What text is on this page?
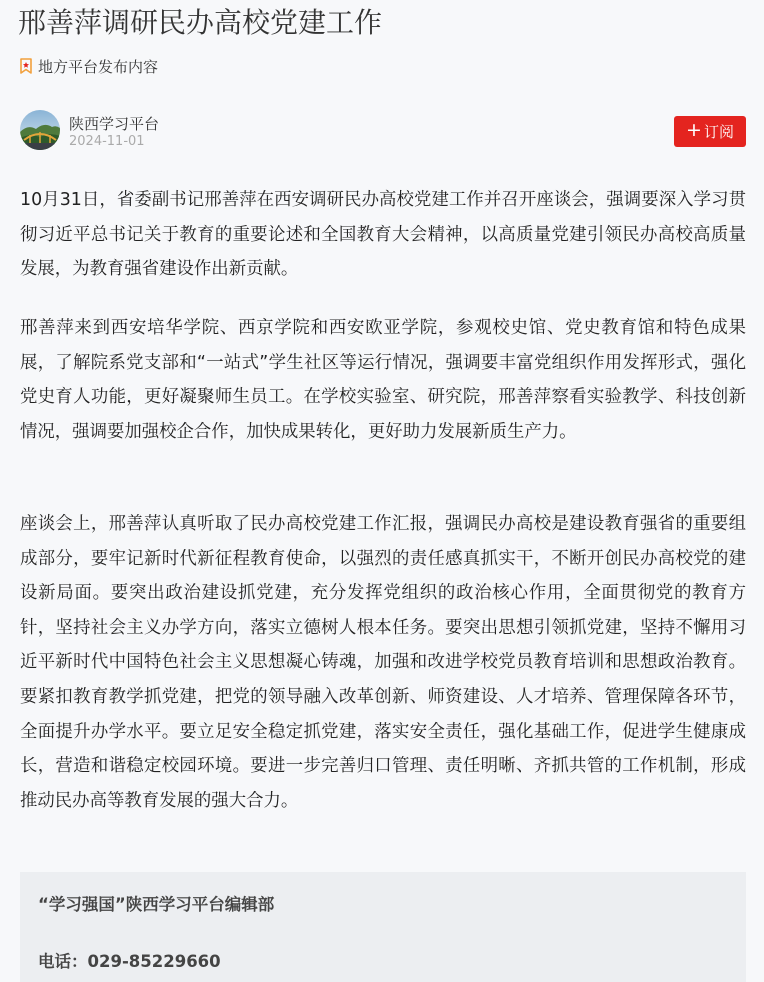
邢善萍调研民办高校党建工作
地方平台发布内容
陕西学习平台
2024-11-01
+ 订阅

10月31日，省委副书记邢善萍在西安调研民办高校党建工作并召开座谈会，强调要深入学习贯彻习近平总书记关于教育的重要论述和全国教育大会精神，以高质量党建引领民办高校高质量发展，为教育强省建设作出新贡献。

邢善萍来到西安培华学院、西京学院和西安欧亚学院，参观校史馆、党史教育馆和特色成果展，了解院系党支部和“一站式”学生社区等运行情况，强调要丰富党组织作用发挥形式，强化党史育人功能，更好凝聚师生员工。在学校实验室、研究院，邢善萍察看实验教学、科技创新情况，强调要加强校企合作，加快成果转化，更好助力发展新质生产力。

座谈会上，邢善萍认真听取了民办高校党建工作汇报，强调民办高校是建设教育强省的重要组成部分，要牢记新时代新征程教育使命，以强烈的责任感真抓实干，不断开创民办高校党的建设新局面。要突出政治建设抓党建，充分发挥党组织的政治核心作用，全面贯彻党的教育方针，坚持社会主义办学方向，落实立德树人根本任务。要突出思想引领抓党建，坚持不懈用习近平新时代中国特色社会主义思想凝心铸魂，加强和改进学校党员教育培训和思想政治教育。要紧扣教育教学抓党建，把党的领导融入改革创新、师资建设、人才培养、管理保障各环节，全面提升办学水平。要立足安全稳定抓党建，落实安全责任，强化基础工作，促进学生健康成长，营造和谐稳定校园环境。要进一步完善归口管理、责任明晰、齐抓共管的工作机制，形成推动民办高等教育发展的强大合力。

“学习强国”陕西学习平台编辑部
电话：029-85229660
